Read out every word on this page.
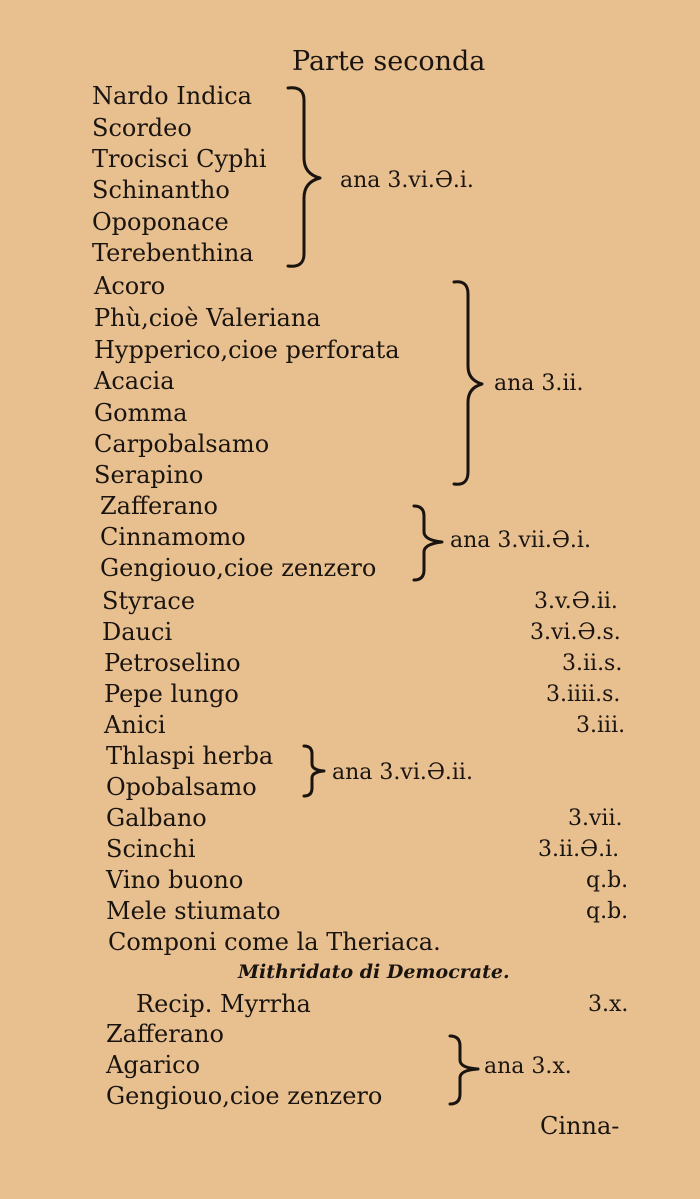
Parte seconda
Nardo Indica
Scordeo
Trocisci Cyphi
Schinantho
Opoponace
Terebenthina
ana 3.vi.Ə.i.
Acoro
Phù,cioè Valeriana
Hypperico,cioe perforata
Acacia
Gomma
Carpobalsamo
Serapino
ana 3.ii.
Zafferano
Cinnamomo
Gengiouo,cioe zenzero
ana 3.vii.Ə.i.
Styrace	3.v.Ə.ii.
Dauci	3.vi.Ə.s.
Petroselino	3.ii.s.
Pepe lungo	3.iiii.s.
Anici	3.iii.
Thlaspi herba
Opobalsamo
ana 3.vi.Ə.ii.
Galbano	3.vii.
Scinchi	3.ii.Ə.i.
Vino buono	q.b.
Mele stiumato	q.b.
Componi come la Theriaca.
Mithridato di Democrate.
Recip. Myrrha	3.x.
Zafferano
Agarico
Gengiouo,cioe zenzero
ana 3.x.
Cinna-
